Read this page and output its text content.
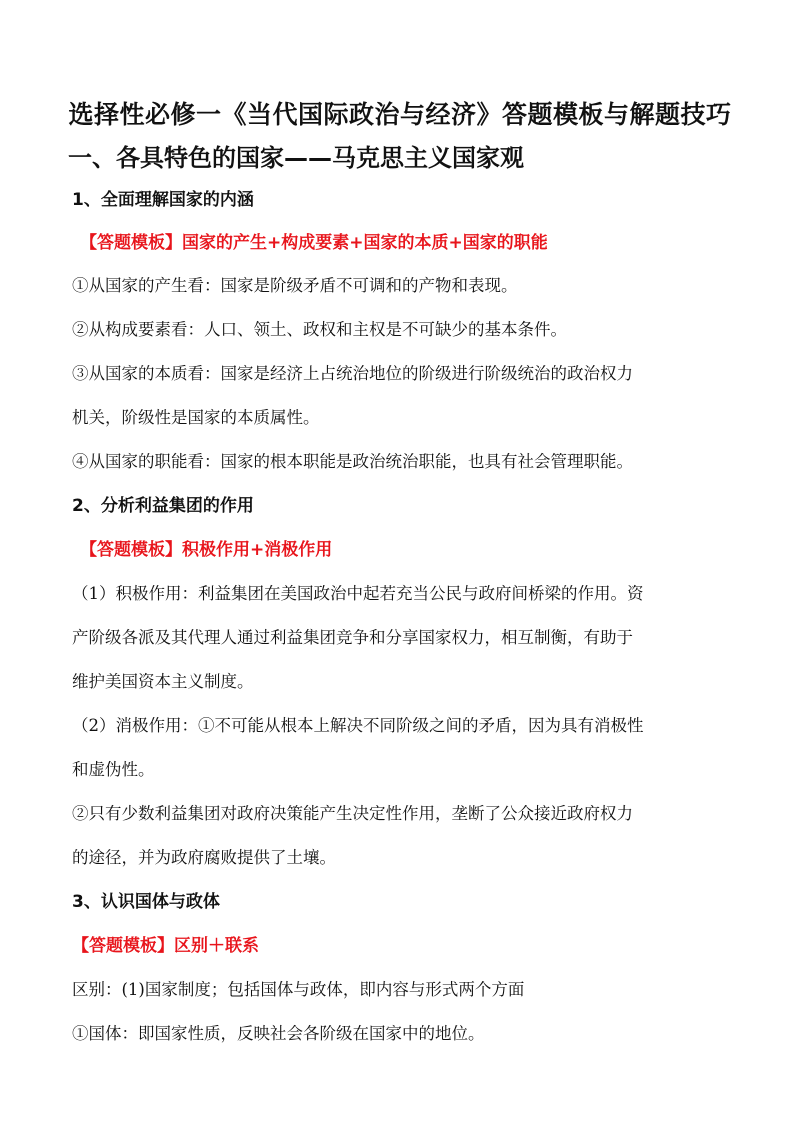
选择性必修一《当代国际政治与经济》答题模板与解题技巧
一、各具特色的国家——马克思主义国家观
1、全面理解国家的内涵
【答题模板】国家的产生+构成要素+国家的本质+国家的职能
①从国家的产生看：国家是阶级矛盾不可调和的产物和表现。
②从构成要素看：人口、领土、政权和主权是不可缺少的基本条件。
③从国家的本质看：国家是经济上占统治地位的阶级进行阶级统治的政治权力
机关，阶级性是国家的本质属性。
④从国家的职能看：国家的根本职能是政治统治职能，也具有社会管理职能。
2、分析利益集团的作用
【答题模板】积极作用+消极作用
（1）积极作用：利益集团在美国政治中起若充当公民与政府间桥梁的作用。资
产阶级各派及其代理人通过利益集团竞争和分享国家权力，相互制衡，有助于
维护美国资本主义制度。
（2）消极作用：①不可能从根本上解决不同阶级之间的矛盾，因为具有消极性
和虚伪性。
②只有少数利益集团对政府决策能产生决定性作用，垄断了公众接近政府权力
的途径，并为政府腐败提供了土壤。
3、认识国体与政体
【答题模板】区别＋联系
区别：(1)国家制度；包括国体与政体，即内容与形式两个方面
①国体：即国家性质，反映社会各阶级在国家中的地位。
